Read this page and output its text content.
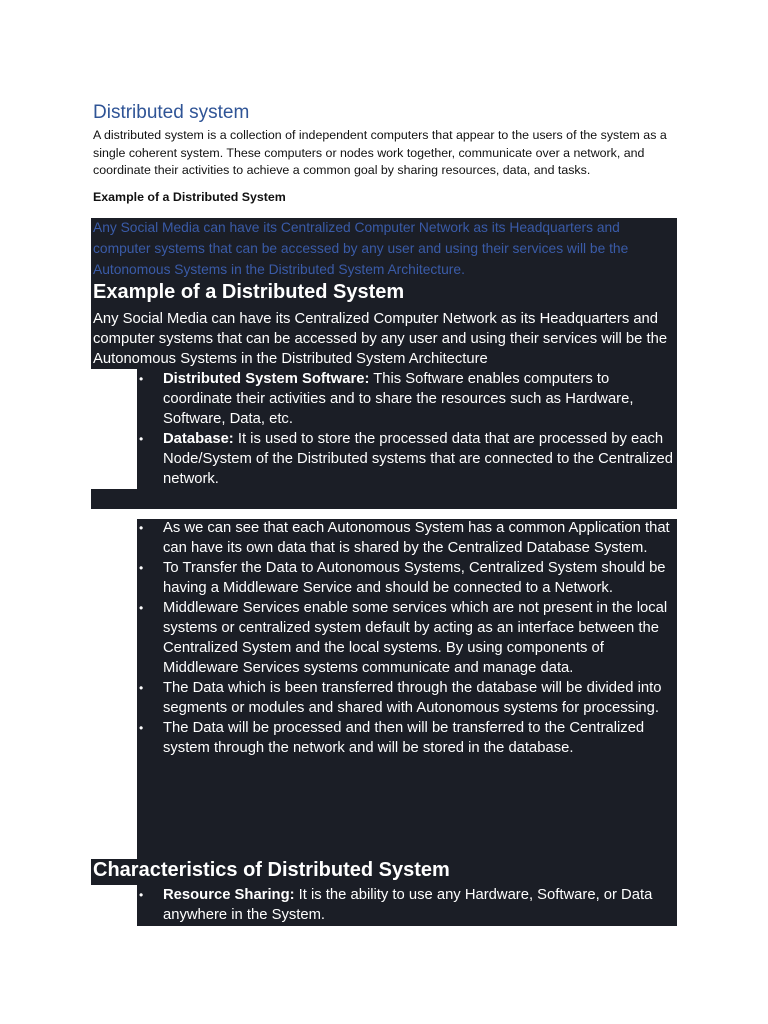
Distributed system

A distributed system is a collection of independent computers that appear to the users of the system as a single coherent system. These computers or nodes work together, communicate over a network, and coordinate their activities to achieve a common goal by sharing resources, data, and tasks.

Example of a Distributed System

Any Social Media can have its Centralized Computer Network as its Headquarters and computer systems that can be accessed by any user and using their services will be the Autonomous Systems in the Distributed System Architecture.

Example of a Distributed System

Any Social Media can have its Centralized Computer Network as its Headquarters and computer systems that can be accessed by any user and using their services will be the Autonomous Systems in the Distributed System Architecture

• Distributed System Software: This Software enables computers to coordinate their activities and to share the resources such as Hardware, Software, Data, etc.
• Database: It is used to store the processed data that are processed by each Node/System of the Distributed systems that are connected to the Centralized network.
• As we can see that each Autonomous System has a common Application that can have its own data that is shared by the Centralized Database System.
• To Transfer the Data to Autonomous Systems, Centralized System should be having a Middleware Service and should be connected to a Network.
• Middleware Services enable some services which are not present in the local systems or centralized system default by acting as an interface between the Centralized System and the local systems. By using components of Middleware Services systems communicate and manage data.
• The Data which is been transferred through the database will be divided into segments or modules and shared with Autonomous systems for processing.
• The Data will be processed and then will be transferred to the Centralized system through the network and will be stored in the database.
Characteristics of Distributed System
• Resource Sharing: It is the ability to use any Hardware, Software, or Data anywhere in the System.
